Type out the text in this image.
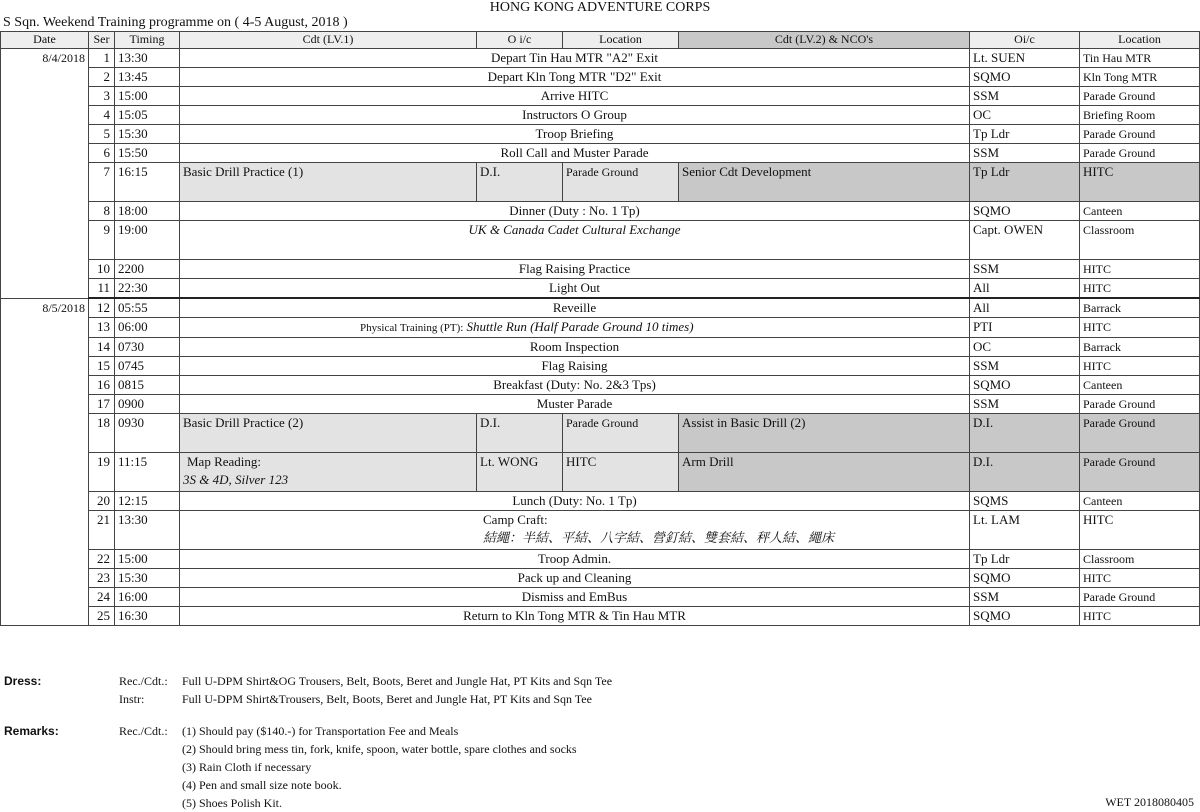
HONG KONG ADVENTURE CORPS
S Sqn. Weekend Training programme on ( 4-5 August, 2018 )
Date	Ser	Timing	Cdt (LV.1)	O i/c	Location	Cdt (LV.2) & NCO's	Oi/c	Location
8/4/2018	1	13:30	Depart Tin Hau MTR "A2" Exit				Lt. SUEN	Tin Hau MTR
	2	13:45	Depart Kln Tong MTR "D2" Exit				SQMO	Kln Tong MTR
	3	15:00	Arrive HITC				SSM	Parade Ground
	4	15:05	Instructors O Group				OC	Briefing Room
	5	15:30	Troop Briefing				Tp Ldr	Parade Ground
	6	15:50	Roll Call and Muster Parade				SSM	Parade Ground
	7	16:15	Basic Drill Practice (1)	D.I.	Parade Ground	Senior Cdt Development	Tp Ldr	HITC
	8	18:00	Dinner (Duty : No. 1 Tp)				SQMO	Canteen
	9	19:00	UK & Canada Cadet Cultural Exchange				Capt. OWEN	Classroom
	10	2200	Flag Raising Practice				SSM	HITC
	11	22:30	Light Out				All	HITC
8/5/2018	12	05:55	Reveille				All	Barrack
	13	06:00	Physical Training (PT): Shuttle Run (Half Parade Ground 10 times)				PTI	HITC
	14	0730	Room Inspection				OC	Barrack
	15	0745	Flag Raising				SSM	HITC
	16	0815	Breakfast (Duty: No. 2&3 Tps)				SQMO	Canteen
	17	0900	Muster Parade				SSM	Parade Ground
	18	0930	Basic Drill Practice (2)	D.I.	Parade Ground	Assist in Basic Drill (2)	D.I.	Parade Ground
	19	11:15	Map Reading:
3S & 4D, Silver 123	Lt. WONG	HITC	Arm Drill	D.I.	Parade Ground
	20	12:15	Lunch (Duty: No. 1 Tp)				SQMS	Canteen
	21	13:30	Camp Craft:
結繩：半結、平結、八字結、營釘結、雙套結、秤人結、繩床				Lt. LAM	HITC
	22	15:00	Troop Admin.				Tp Ldr	Classroom
	23	15:30	Pack up and Cleaning				SQMO	HITC
	24	16:00	Dismiss and EmBus				SSM	Parade Ground
	25	16:30	Return to Kln Tong MTR & Tin Hau MTR				SQMO	HITC
Dress:	Rec./Cdt.: Full U-DPM Shirt&OG Trousers, Belt, Boots, Beret and Jungle Hat, PT Kits and Sqn Tee
Instr:	Full U-DPM Shirt&Trousers, Belt, Boots, Beret and Jungle Hat, PT Kits and Sqn Tee
Remarks:	Rec./Cdt.: (1) Should pay ($140.-) for Transportation Fee and Meals
(2) Should bring mess tin, fork, knife, spoon, water bottle, spare clothes and socks
(3) Rain Cloth if necessary
(4) Pen and small size note book.
(5) Shoes Polish Kit.	WET 2018080405
